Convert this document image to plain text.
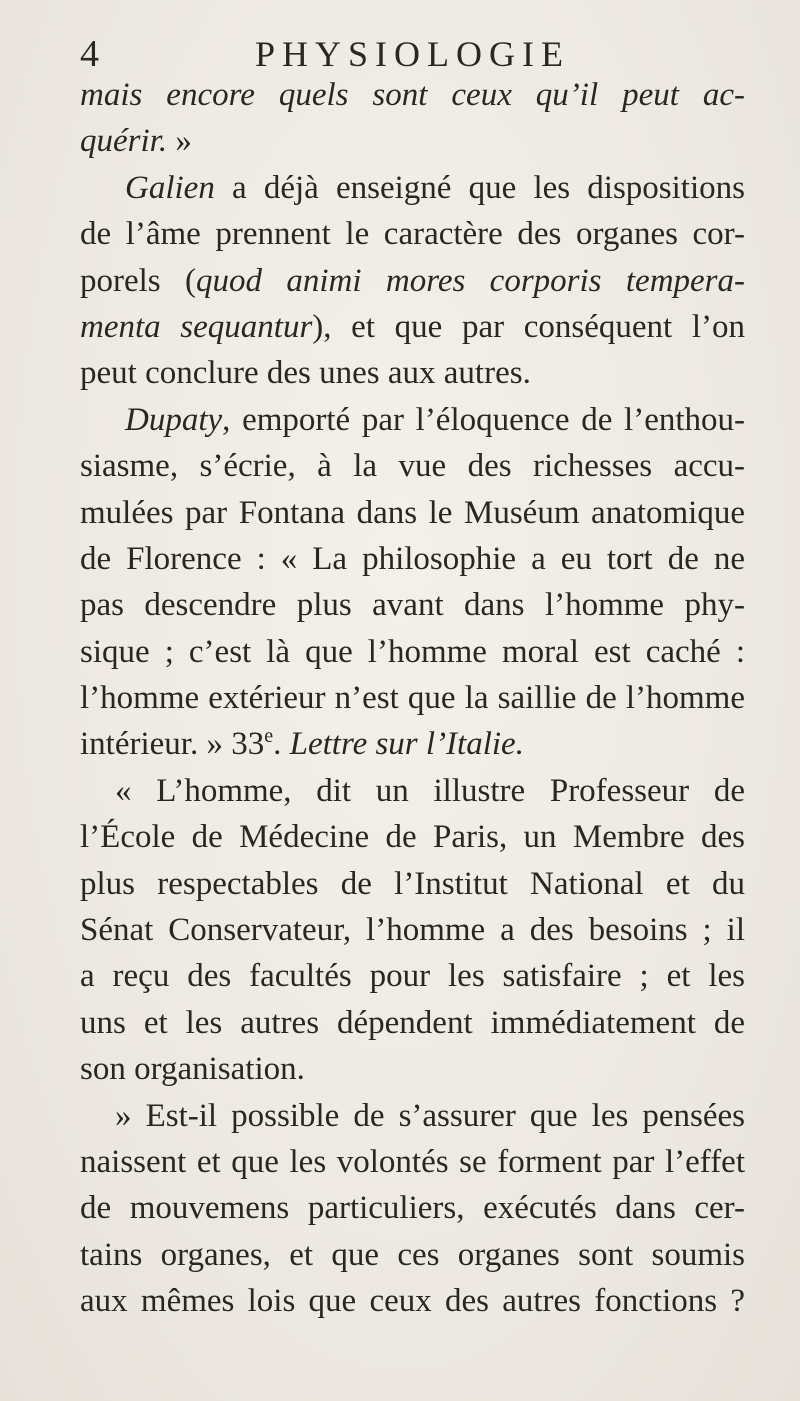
4	PHYSIOLOGIE
mais encore quels sont ceux qu’il peut ac-
quérir. »
Galien a déjà enseigné que les dispositions
de l’âme prennent le caractère des organes cor-
porels (quod animi mores corporis tempera-
menta sequantur), et que par conséquent l’on
peut conclure des unes aux autres.
Dupaty, emporté par l’éloquence de l’enthou-
siasme, s’écrie, à la vue des richesses accu-
mulées par Fontana dans le Muséum anatomique
de Florence : « La philosophie a eu tort de ne
pas descendre plus avant dans l’homme phy-
sique ; c’est là que l’homme moral est caché :
l’homme extérieur n’est que la saillie de l’homme
intérieur. » 33e. Lettre sur l’Italie.
« L’homme, dit un illustre Professeur de
l’École de Médecine de Paris, un Membre des
plus respectables de l’Institut National et du
Sénat Conservateur, l’homme a des besoins ; il
a reçu des facultés pour les satisfaire ; et les
uns et les autres dépendent immédiatement de
son organisation.
» Est-il possible de s’assurer que les pensées
naissent et que les volontés se forment par l’effet
de mouvemens particuliers, exécutés dans cer-
tains organes, et que ces organes sont soumis
aux mêmes lois que ceux des autres fonctions ?
